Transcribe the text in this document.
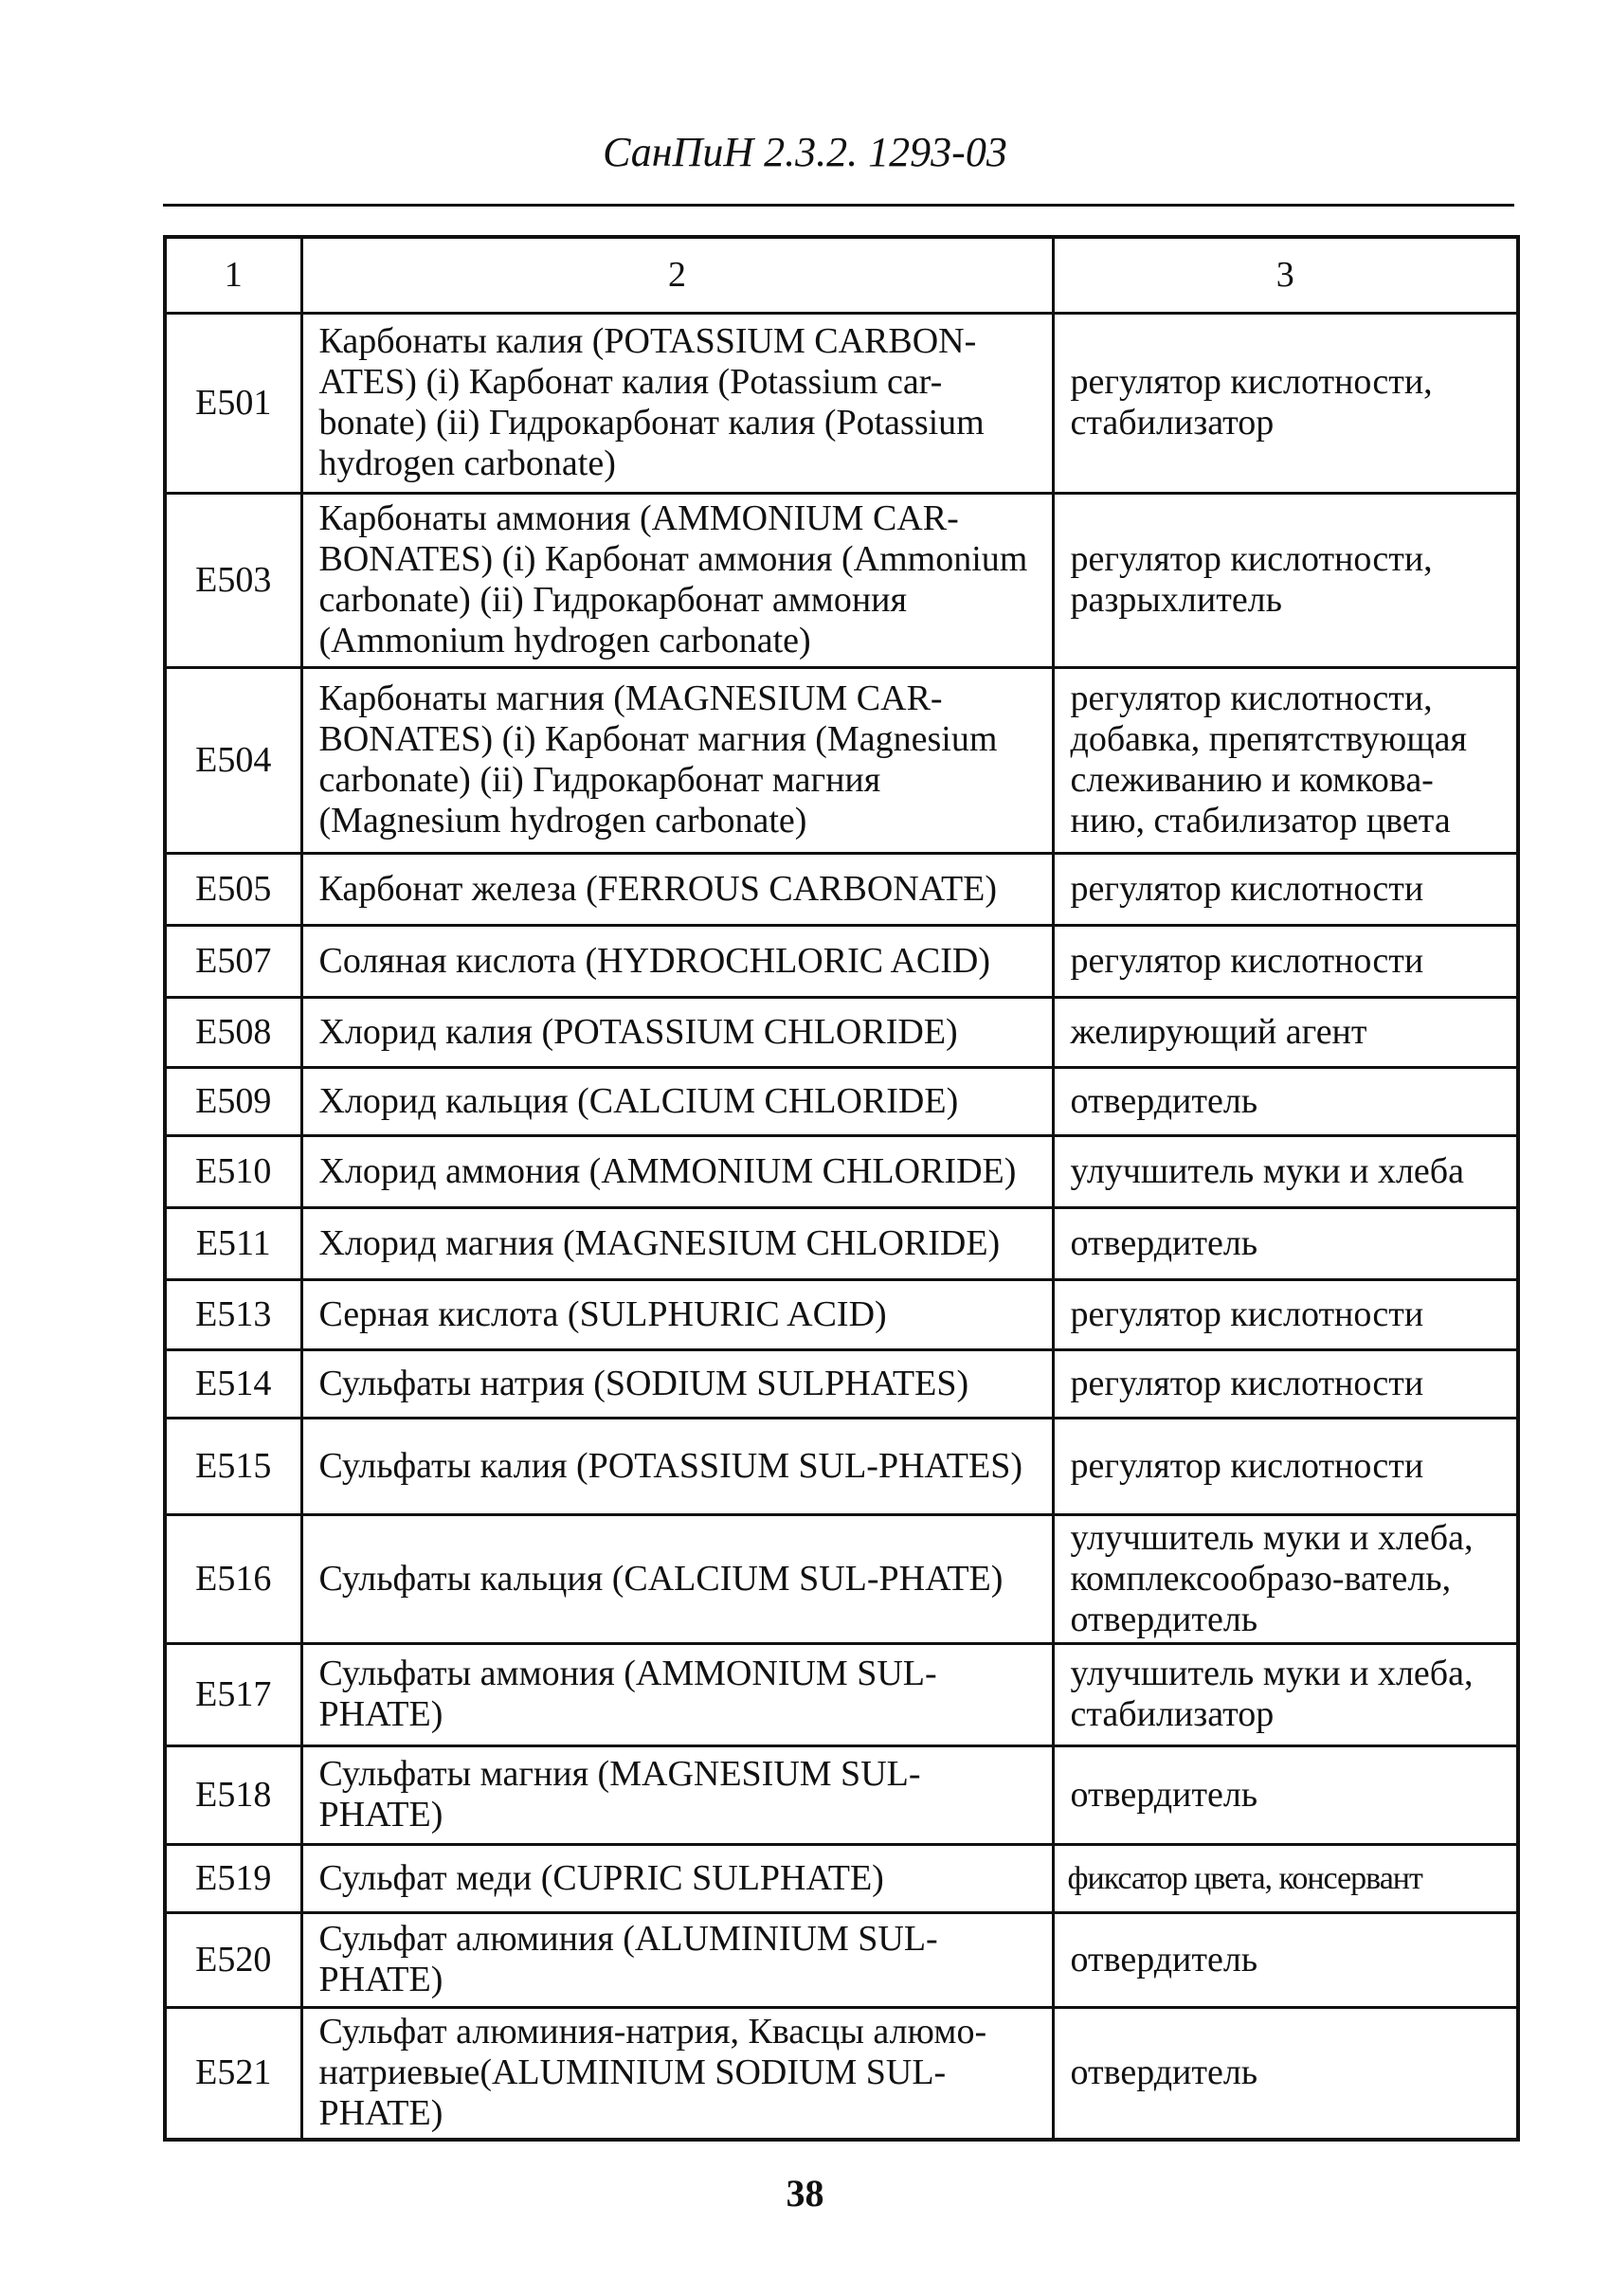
СанПиН 2.3.2. 1293-03
1	2	3
E501	Карбонаты калия (POTASSIUM CARBON-ATES) (i) Карбонат калия (Potassium car-bonate) (ii) Гидрокарбонат калия (Potassium hydrogen carbonate)	регулятор кислотности, стабилизатор
E503	Карбонаты аммония (AMMONIUM CAR-BONATES) (i) Карбонат аммония (Ammonium carbonate) (ii) Гидрокарбонат аммония (Ammonium hydrogen carbonate)	регулятор кислотности, разрыхлитель
E504	Карбонаты магния (MAGNESIUM CAR-BONATES) (i) Карбонат магния (Magnesium carbonate) (ii) Гидрокарбонат магния (Magnesium hydrogen carbonate)	регулятор кислотности, добавка, препятствующая слеживанию и комкова-нию, стабилизатор цвета
E505	Карбонат железа (FERROUS CARBONATE)	регулятор кислотности
E507	Соляная кислота (HYDROCHLORIC ACID)	регулятор кислотности
E508	Хлорид калия (POTASSIUM CHLORIDE)	желирующий агент
E509	Хлорид кальция (CALCIUM CHLORIDE)	отвердитель
E510	Хлорид аммония (AMMONIUM CHLORIDE)	улучшитель муки и хлеба
E511	Хлорид магния (MAGNESIUM CHLORIDE)	отвердитель
E513	Серная кислота (SULPHURIC ACID)	регулятор кислотности
E514	Сульфаты натрия (SODIUM SULPHATES)	регулятор кислотности
E515	Сульфаты калия (POTASSIUM SUL-PHATES)	регулятор кислотности
E516	Сульфаты кальция (CALCIUM SUL-PHATE)	улучшитель муки и хлеба, комплексообразо-ватель, отвердитель
E517	Сульфаты аммония (AMMONIUM SUL-PHATE)	улучшитель муки и хлеба, стабилизатор
E518	Сульфаты магния (MAGNESIUM SUL-PHATE)	отвердитель
E519	Сульфат меди (CUPRIC SULPHATE)	фиксатор цвета, консервант
E520	Сульфат алюминия (ALUMINIUM SUL-PHATE)	отвердитель
E521	Сульфат алюминия-натрия, Квасцы алюмо-натриевые(ALUMINIUM SODIUM SUL-PHATE)	отвердитель
38
